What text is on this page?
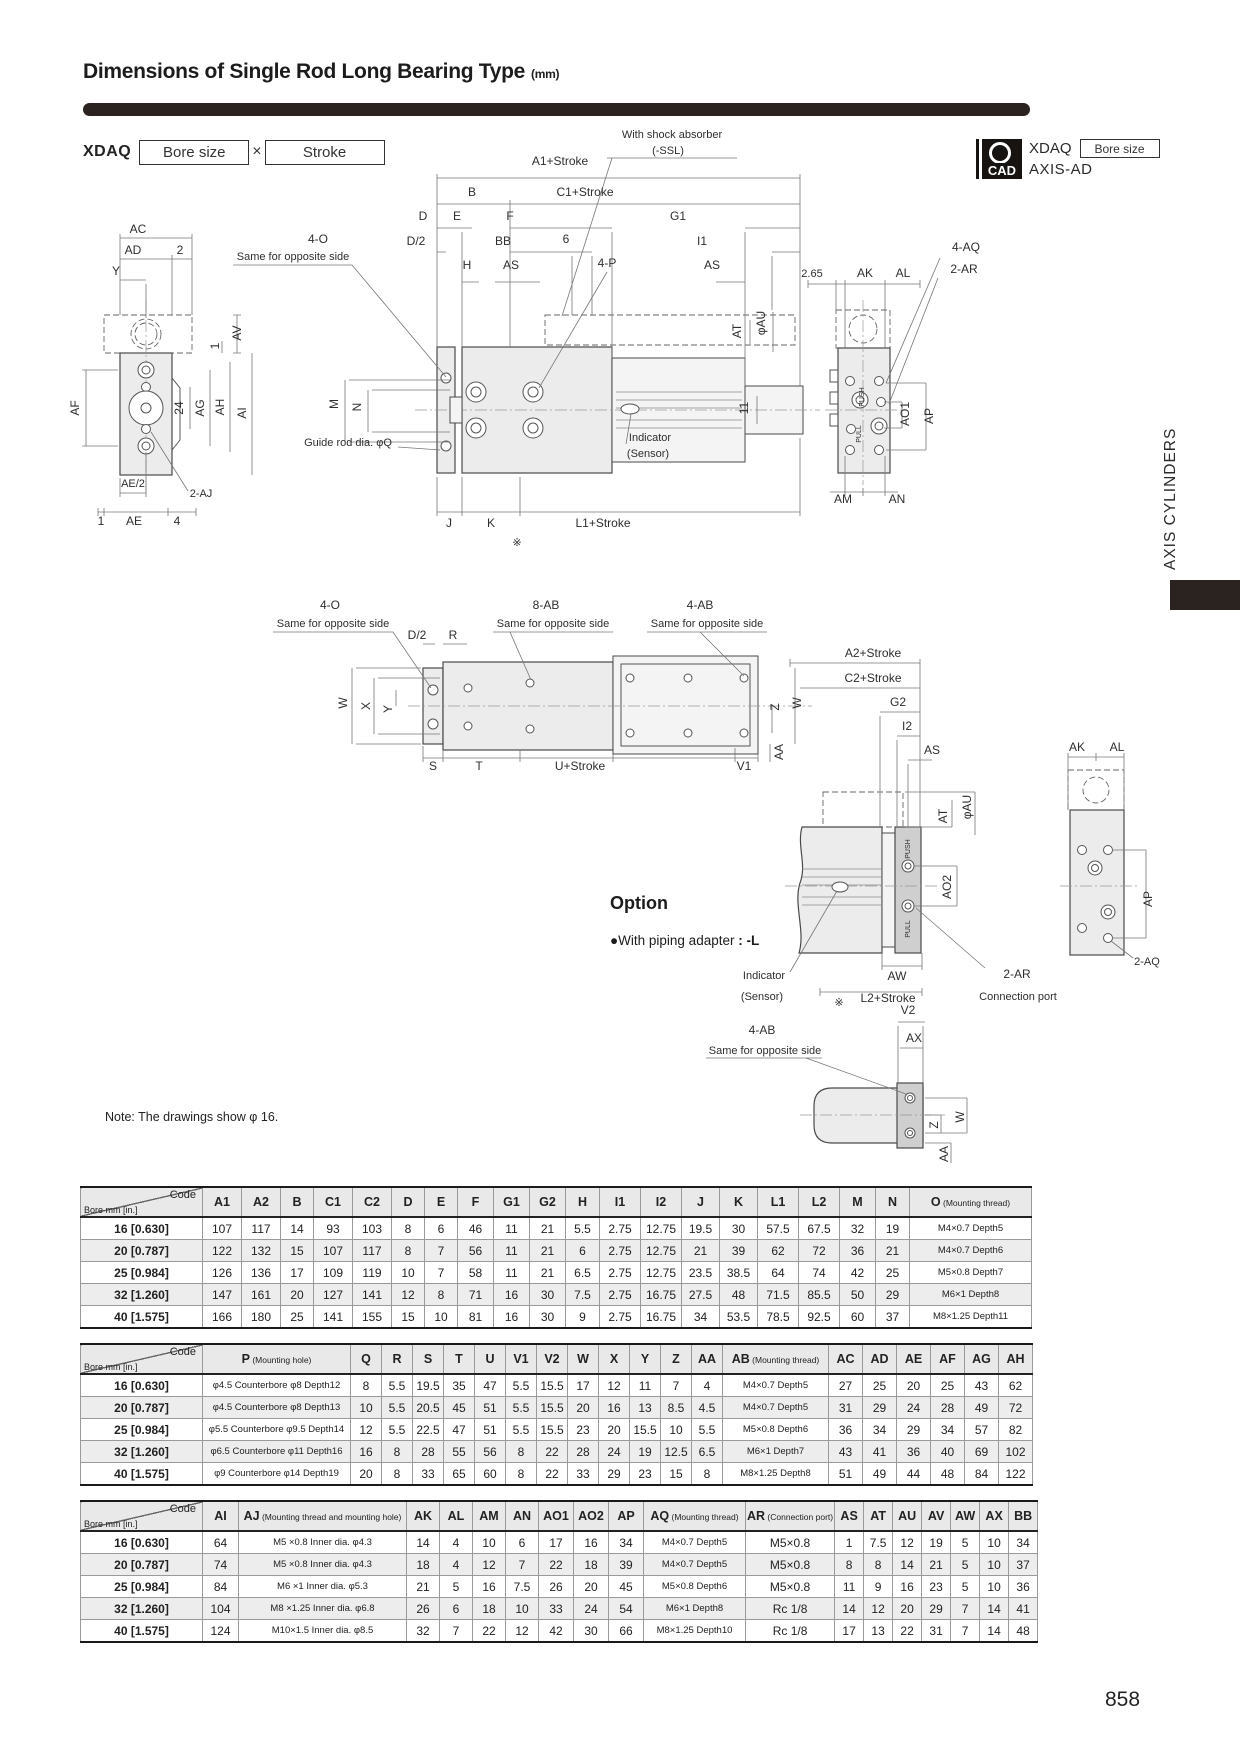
Dimensions of Single Rod Long Bearing Type (mm)
XDAQ	Bore size	×	Stroke
CAD
XDAQ	Bore size
AXIS-AD
AXIS CYLINDERS
AC
AD	2
Y
AV
1
AF	24 AG AH AI
AE/2
2-AJ
1 AE	4
A1+Stroke
With shock absorber
(-SSL)
B	C1+Stroke
D E	F	G1
D/2	BB	6	I1
H	AS	4-P	AS
4-O
Same for opposite side
M N
Guide rod dia. φQ	Indicator
(Sensor)
J	K	L1+Stroke
※
AT φAU
11
2.65	AK AL
4-AQ
2-AR
AO1 AP
AM	AN
PUSH
PULL
4-O
Same for opposite side
D/2 R
8-AB
Same for opposite side
4-AB
Same for opposite side
W X Y	Z W
AA
S	T	U+Stroke	V1
A2+Stroke
C2+Stroke
G2
I2
AS	AK AL
AT φAU
PUSH
AO2
PULL
AP
2-AQ
Indicator
(Sensor)
AW
L2+Stroke
※
2-AR
Connection port
V2
AX
4-AB
Same for opposite side
Z
W
AA
Option
●With piping adapter : -L
Note: The drawings show φ 16.
Code
Bore mm [in.]	A1	A2	B	C1	C2	D	E	F	G1	G2	H	I1	I2	J	K	L1	L2	M	N	O (Mounting thread)
16 [0.630]	107	117	14	93	103	8	6	46	11	21	5.5	2.75	12.75	19.5	30	57.5	67.5	32	19	M4×0.7 Depth5
20 [0.787]	122	132	15	107	117	8	7	56	11	21	6	2.75	12.75	21	39	62	72	36	21	M4×0.7 Depth6
25 [0.984]	126	136	17	109	119	10	7	58	11	21	6.5	2.75	12.75	23.5	38.5	64	74	42	25	M5×0.8 Depth7
32 [1.260]	147	161	20	127	141	12	8	71	16	30	7.5	2.75	16.75	27.5	48	71.5	85.5	50	29	M6×1 Depth8
40 [1.575]	166	180	25	141	155	15	10	81	16	30	9	2.75	16.75	34	53.5	78.5	92.5	60	37	M8×1.25 Depth11
Code
Bore mm [in.]	P (Mounting hole)	Q	R	S	T	U	V1	V2	W	X	Y	Z	AA	AB (Mounting thread)	AC	AD	AE	AF	AG	AH
16 [0.630]	φ4.5 Counterbore φ8 Depth12	8	5.5	19.5	35	47	5.5	15.5	17	12	11	7	4	M4×0.7 Depth5	27	25	20	25	43	62
20 [0.787]	φ4.5 Counterbore φ8 Depth13	10	5.5	20.5	45	51	5.5	15.5	20	16	13	8.5	4.5	M4×0.7 Depth5	31	29	24	28	49	72
25 [0.984]	φ5.5 Counterbore φ9.5 Depth14	12	5.5	22.5	47	51	5.5	15.5	23	20	15.5	10	5.5	M5×0.8 Depth6	36	34	29	34	57	82
32 [1.260]	φ6.5 Counterbore φ11 Depth16	16	8	28	55	56	8	22	28	24	19	12.5	6.5	M6×1 Depth7	43	41	36	40	69	102
40 [1.575]	φ9 Counterbore φ14 Depth19	20	8	33	65	60	8	22	33	29	23	15	8	M8×1.25 Depth8	51	49	44	48	84	122
Code
Bore mm [in.]	AI	AJ (Mounting thread and mounting hole)	AK	AL	AM	AN	AO1	AO2	AP	AQ (Mounting thread)	AR (Connection port)	AS	AT	AU	AV	AW	AX	BB
16 [0.630]	64	M5 ×0.8 Inner dia. φ4.3	14	4	10	6	17	16	34	M4×0.7 Depth5	M5×0.8	1	7.5	12	19	5	10	34
20 [0.787]	74	M5 ×0.8 Inner dia. φ4.3	18	4	12	7	22	18	39	M4×0.7 Depth5	M5×0.8	8	8	14	21	5	10	37
25 [0.984]	84	M6 ×1 Inner dia. φ5.3	21	5	16	7.5	26	20	45	M5×0.8 Depth6	M5×0.8	11	9	16	23	5	10	36
32 [1.260]	104	M8 ×1.25 Inner dia. φ6.8	26	6	18	10	33	24	54	M6×1 Depth8	Rc 1/8	14	12	20	29	7	14	41
40 [1.575]	124	M10×1.5 Inner dia. φ8.5	32	7	22	12	42	30	66	M8×1.25 Depth10	Rc 1/8	17	13	22	31	7	14	48
858
